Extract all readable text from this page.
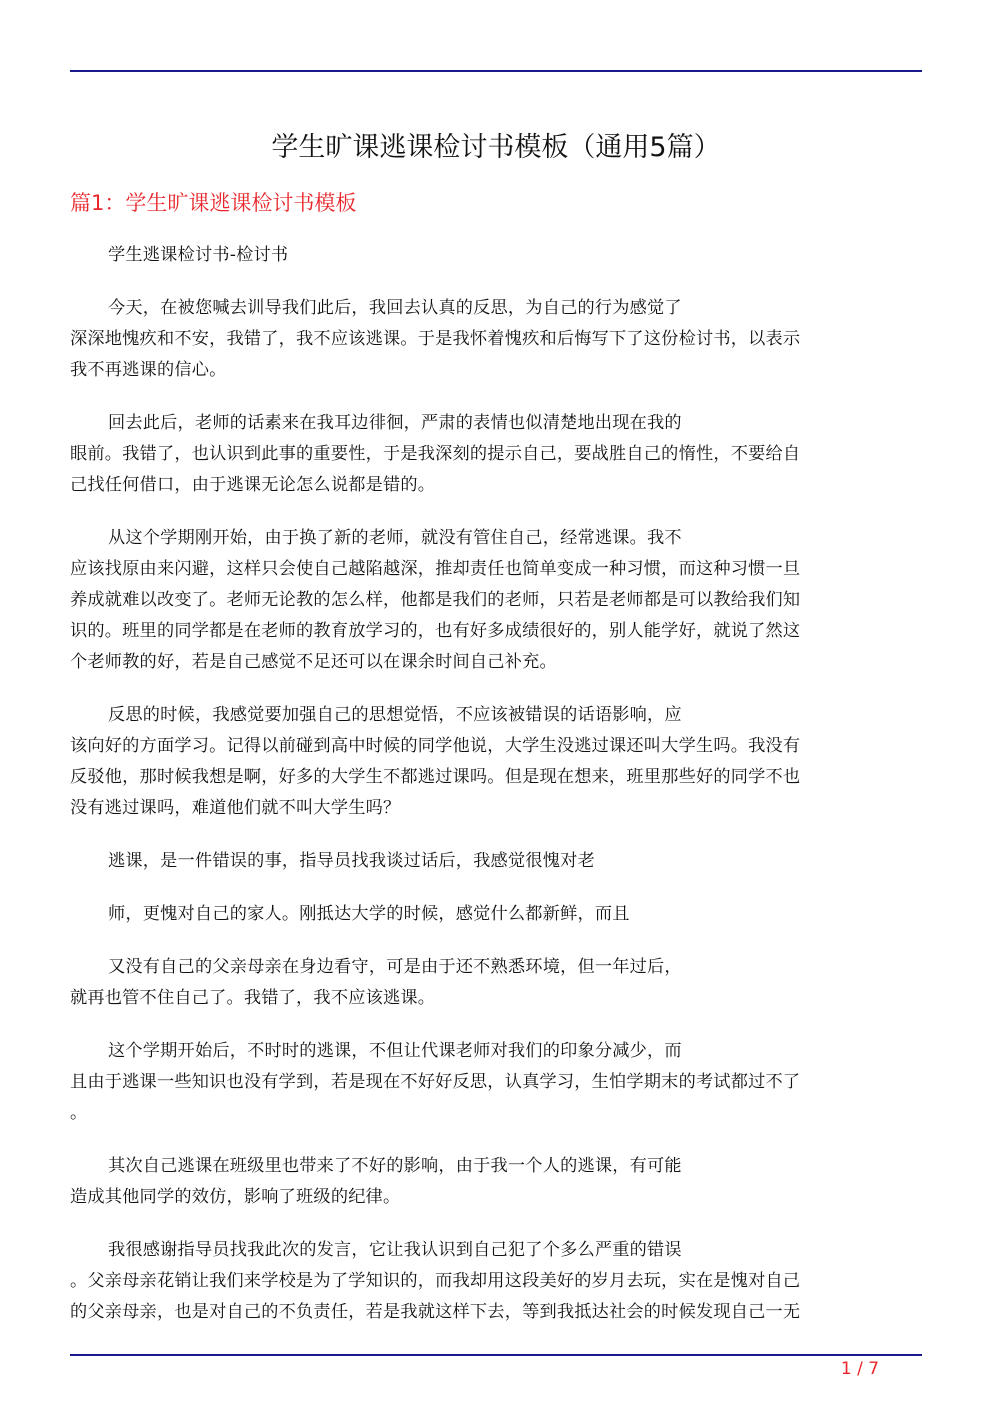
学生旷课逃课检讨书模板（通用5篇）
篇1：学生旷课逃课检讨书模板

学生逃课检讨书-检讨书

今天，在被您喊去训导我们此后，我回去认真的反思，为自己的行为感觉了
深深地愧疚和不安，我错了，我不应该逃课。于是我怀着愧疚和后悔写下了这份检讨书，以表示
我不再逃课的信心。

回去此后，老师的话素来在我耳边徘徊，严肃的表情也似清楚地出现在我的
眼前。我错了，也认识到此事的重要性，于是我深刻的提示自己，要战胜自己的惰性，不要给自
己找任何借口，由于逃课无论怎么说都是错的。

从这个学期刚开始，由于换了新的老师，就没有管住自己，经常逃课。我不
应该找原由来闪避，这样只会使自己越陷越深，推却责任也简单变成一种习惯，而这种习惯一旦
养成就难以改变了。老师无论教的怎么样，他都是我们的老师，只若是老师都是可以教给我们知
识的。班里的同学都是在老师的教育放学习的，也有好多成绩很好的，别人能学好，就说了然这
个老师教的好，若是自己感觉不足还可以在课余时间自己补充。

反思的时候，我感觉要加强自己的思想觉悟，不应该被错误的话语影响，应
该向好的方面学习。记得以前碰到高中时候的同学他说，大学生没逃过课还叫大学生吗。我没有
反驳他，那时候我想是啊，好多的大学生不都逃过课吗。但是现在想来，班里那些好的同学不也
没有逃过课吗，难道他们就不叫大学生吗？

逃课，是一件错误的事，指导员找我谈过话后，我感觉很愧对老

师，更愧对自己的家人。刚抵达大学的时候，感觉什么都新鲜，而且

又没有自己的父亲母亲在身边看守，可是由于还不熟悉环境，但一年过后，
就再也管不住自己了。我错了，我不应该逃课。

这个学期开始后，不时时的逃课，不但让代课老师对我们的印象分减少，而
且由于逃课一些知识也没有学到，若是现在不好好反思，认真学习，生怕学期末的考试都过不了
。

其次自己逃课在班级里也带来了不好的影响，由于我一个人的逃课，有可能
造成其他同学的效仿，影响了班级的纪律。

我很感谢指导员找我此次的发言，它让我认识到自己犯了个多么严重的错误
。父亲母亲花销让我们来学校是为了学知识的，而我却用这段美好的岁月去玩，实在是愧对自己
的父亲母亲，也是对自己的不负责任，若是我就这样下去，等到我抵达社会的时候发现自己一无

1 / 7
